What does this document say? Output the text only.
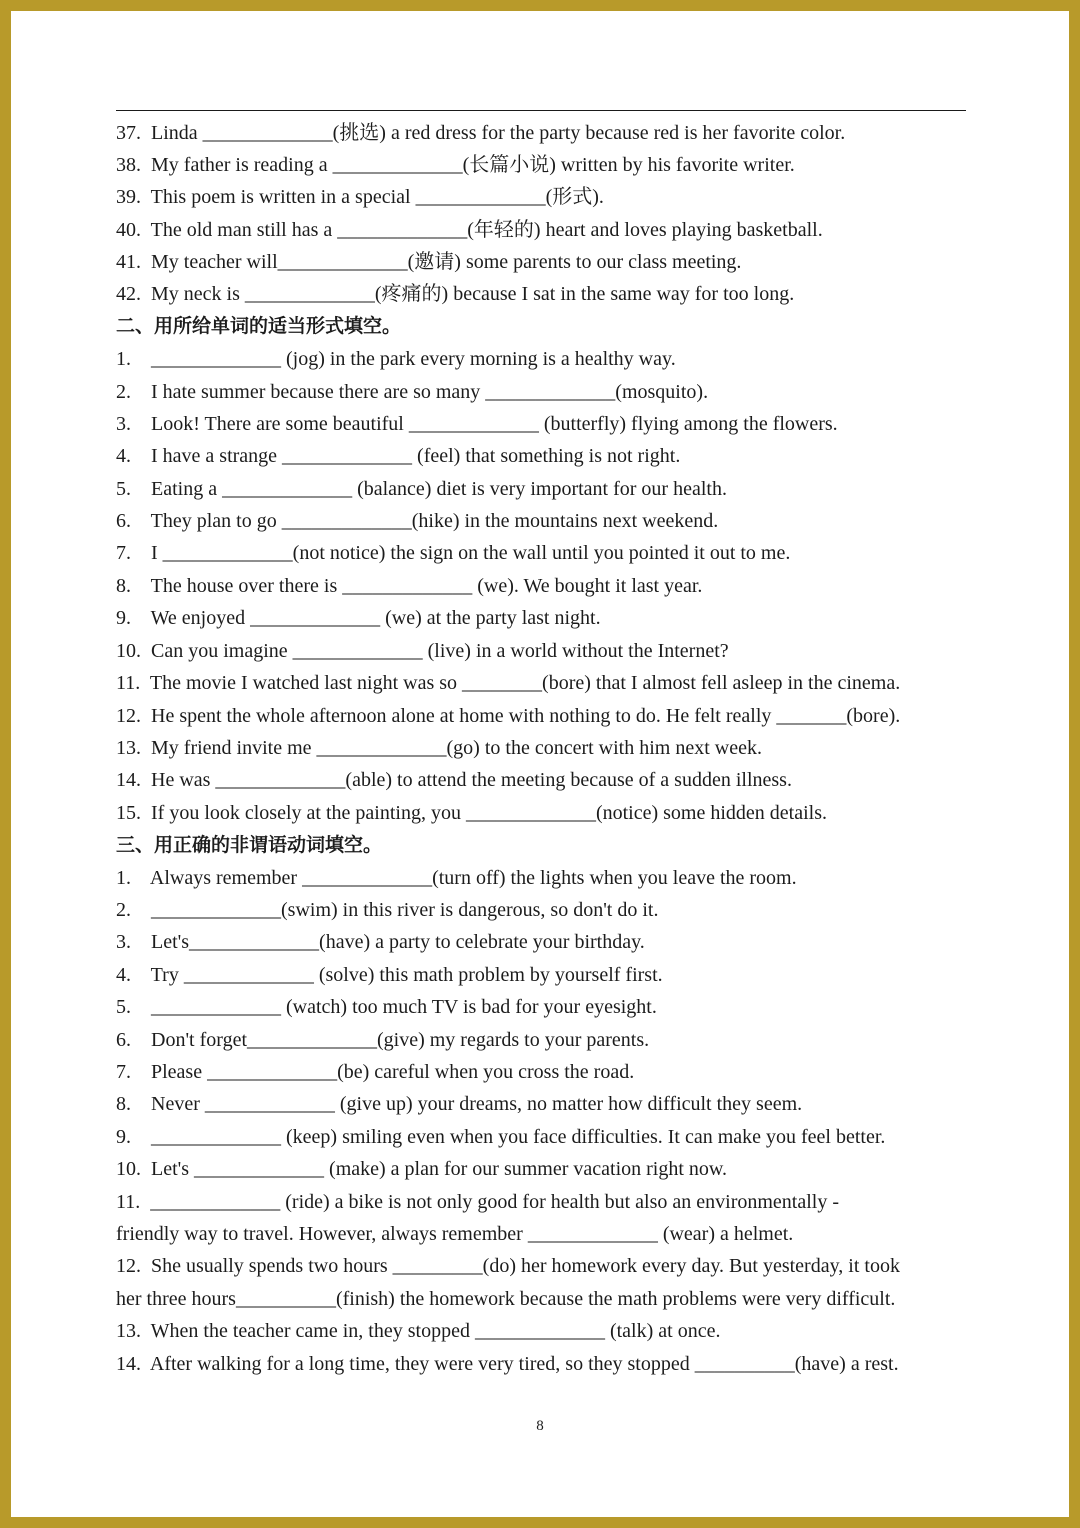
37.  Linda _____________(挑选) a red dress for the party because red is her favorite color.
38.  My father is reading a _____________(长篇小说) written by his favorite writer.
39.  This poem is written in a special _____________(形式).
40.  The old man still has a _____________(年轻的) heart and loves playing basketball.
41.  My teacher will_____________(邀请) some parents to our class meeting.
42.  My neck is _____________(疼痛的) because I sat in the same way for too long.
二、用所给单词的适当形式填空。
1.    _____________ (jog) in the park every morning is a healthy way.
2.    I hate summer because there are so many _____________(mosquito).
3.    Look! There are some beautiful _____________ (butterfly) flying among the flowers.
4.    I have a strange _____________ (feel) that something is not right.
5.    Eating a _____________ (balance) diet is very important for our health.
6.    They plan to go _____________(hike) in the mountains next weekend.
7.    I _____________(not notice) the sign on the wall until you pointed it out to me.
8.    The house over there is _____________ (we). We bought it last year.
9.    We enjoyed _____________ (we) at the party last night.
10.  Can you imagine _____________ (live) in a world without the Internet?
11.  The movie I watched last night was so ________(bore) that I almost fell asleep in the cinema.
12.  He spent the whole afternoon alone at home with nothing to do. He felt really _______(bore).
13.  My friend invite me _____________(go) to the concert with him next week.
14.  He was _____________(able) to attend the meeting because of a sudden illness.
15.  If you look closely at the painting, you _____________(notice) some hidden details.
三、用正确的非谓语动词填空。
1.    Always remember _____________(turn off) the lights when you leave the room.
2.    _____________(swim) in this river is dangerous, so don't do it.
3.    Let's_____________(have) a party to celebrate your birthday.
4.    Try _____________ (solve) this math problem by yourself first.
5.    _____________ (watch) too much TV is bad for your eyesight.
6.    Don't forget_____________(give) my regards to your parents.
7.    Please _____________(be) careful when you cross the road.
8.    Never _____________ (give up) your dreams, no matter how difficult they seem.
9.    _____________ (keep) smiling even when you face difficulties. It can make you feel better.
10.  Let's _____________ (make) a plan for our summer vacation right now.
11.  _____________ (ride) a bike is not only good for health but also an environmentally -
friendly way to travel. However, always remember _____________ (wear) a helmet.
12.  She usually spends two hours _________(do) her homework every day. But yesterday, it took
her three hours__________(finish) the homework because the math problems were very difficult.
13.  When the teacher came in, they stopped _____________ (talk) at once.
14.  After walking for a long time, they were very tired, so they stopped __________(have) a rest.
8
